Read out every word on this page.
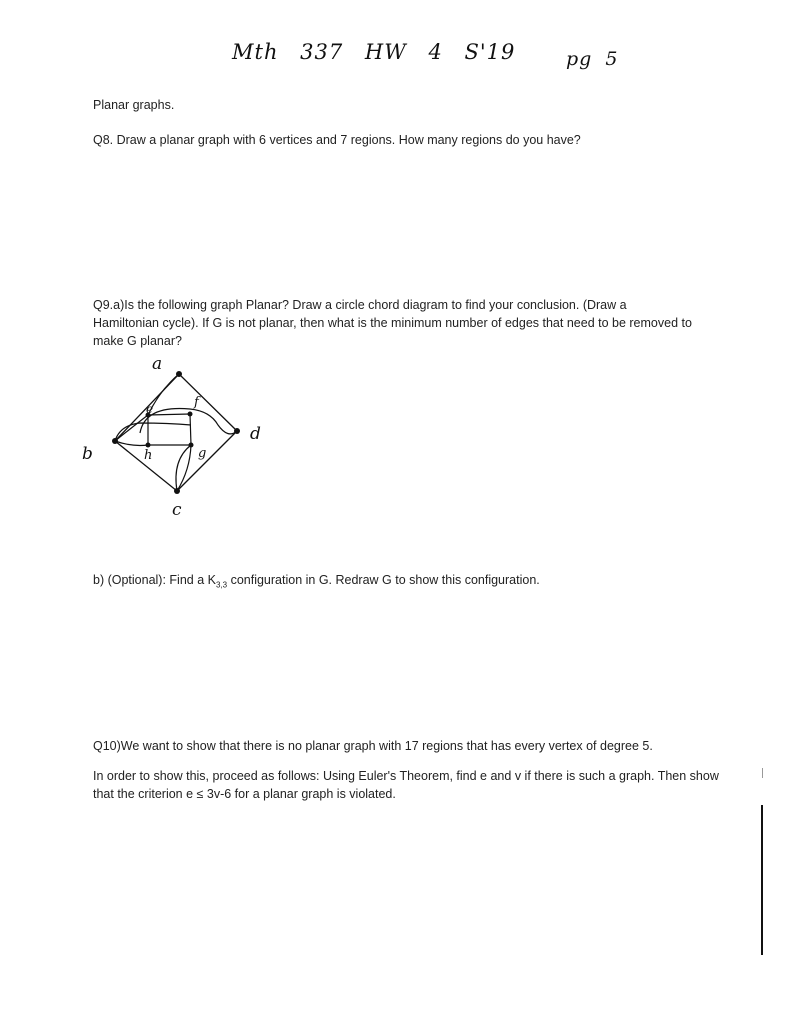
Mth 337 HW 4 S'19	pg 5
Planar graphs.
Q8. Draw a planar graph with 6 vertices and 7 regions. How many regions do you have?
Q9.a)Is the following graph Planar? Draw a circle chord diagram to find your conclusion. (Draw a Hamiltonian cycle). If G is not planar, then what is the minimum number of edges that need to be removed to make G planar?
a
b
c
d
e	f
g
h
b) (Optional): Find a $K_{3,3}$ configuration in G. Redraw G to show this configuration.
Q10)We want to show that there is no planar graph with 17 regions that has every vertex of degree 5.
In order to show this, proceed as follows: Using Euler's Theorem, find e and v if there is such a graph. Then show that the criterion e ≤ 3v-6 for a planar graph is violated.
